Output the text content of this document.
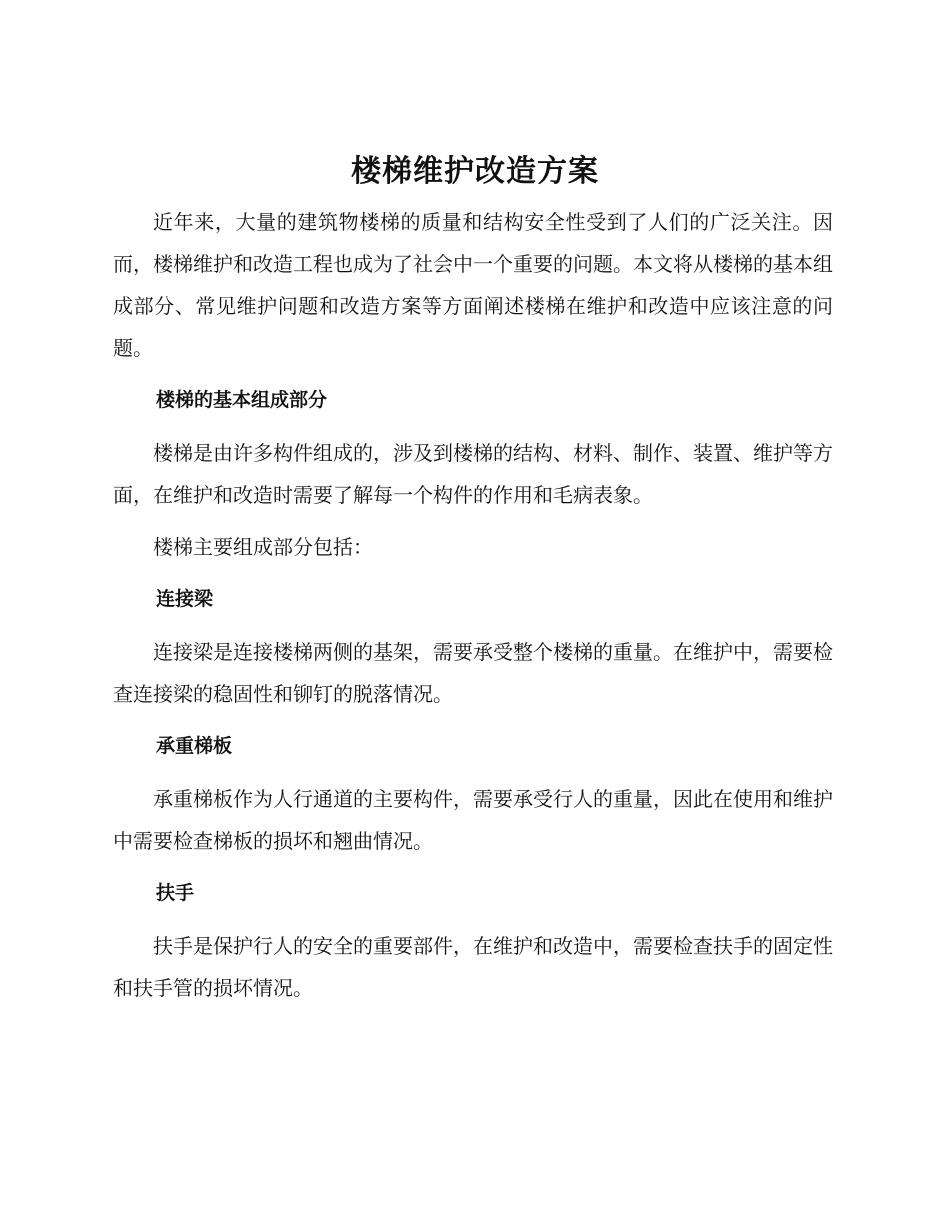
楼梯维护改造方案

近年来，大量的建筑物楼梯的质量和结构安全性受到了人们的广泛关注。因而，楼梯维护和改造工程也成为了社会中一个重要的问题。本文将从楼梯的基本组成部分、常见维护问题和改造方案等方面阐述楼梯在维护和改造中应该注意的问题。

楼梯的基本组成部分

楼梯是由许多构件组成的，涉及到楼梯的结构、材料、制作、装置、维护等方面，在维护和改造时需要了解每一个构件的作用和毛病表象。

楼梯主要组成部分包括：

连接梁

连接梁是连接楼梯两侧的基架，需要承受整个楼梯的重量。在维护中，需要检查连接梁的稳固性和铆钉的脱落情况。

承重梯板

承重梯板作为人行通道的主要构件，需要承受行人的重量，因此在使用和维护中需要检查梯板的损坏和翘曲情况。

扶手

扶手是保护行人的安全的重要部件，在维护和改造中，需要检查扶手的固定性和扶手管的损坏情况。
